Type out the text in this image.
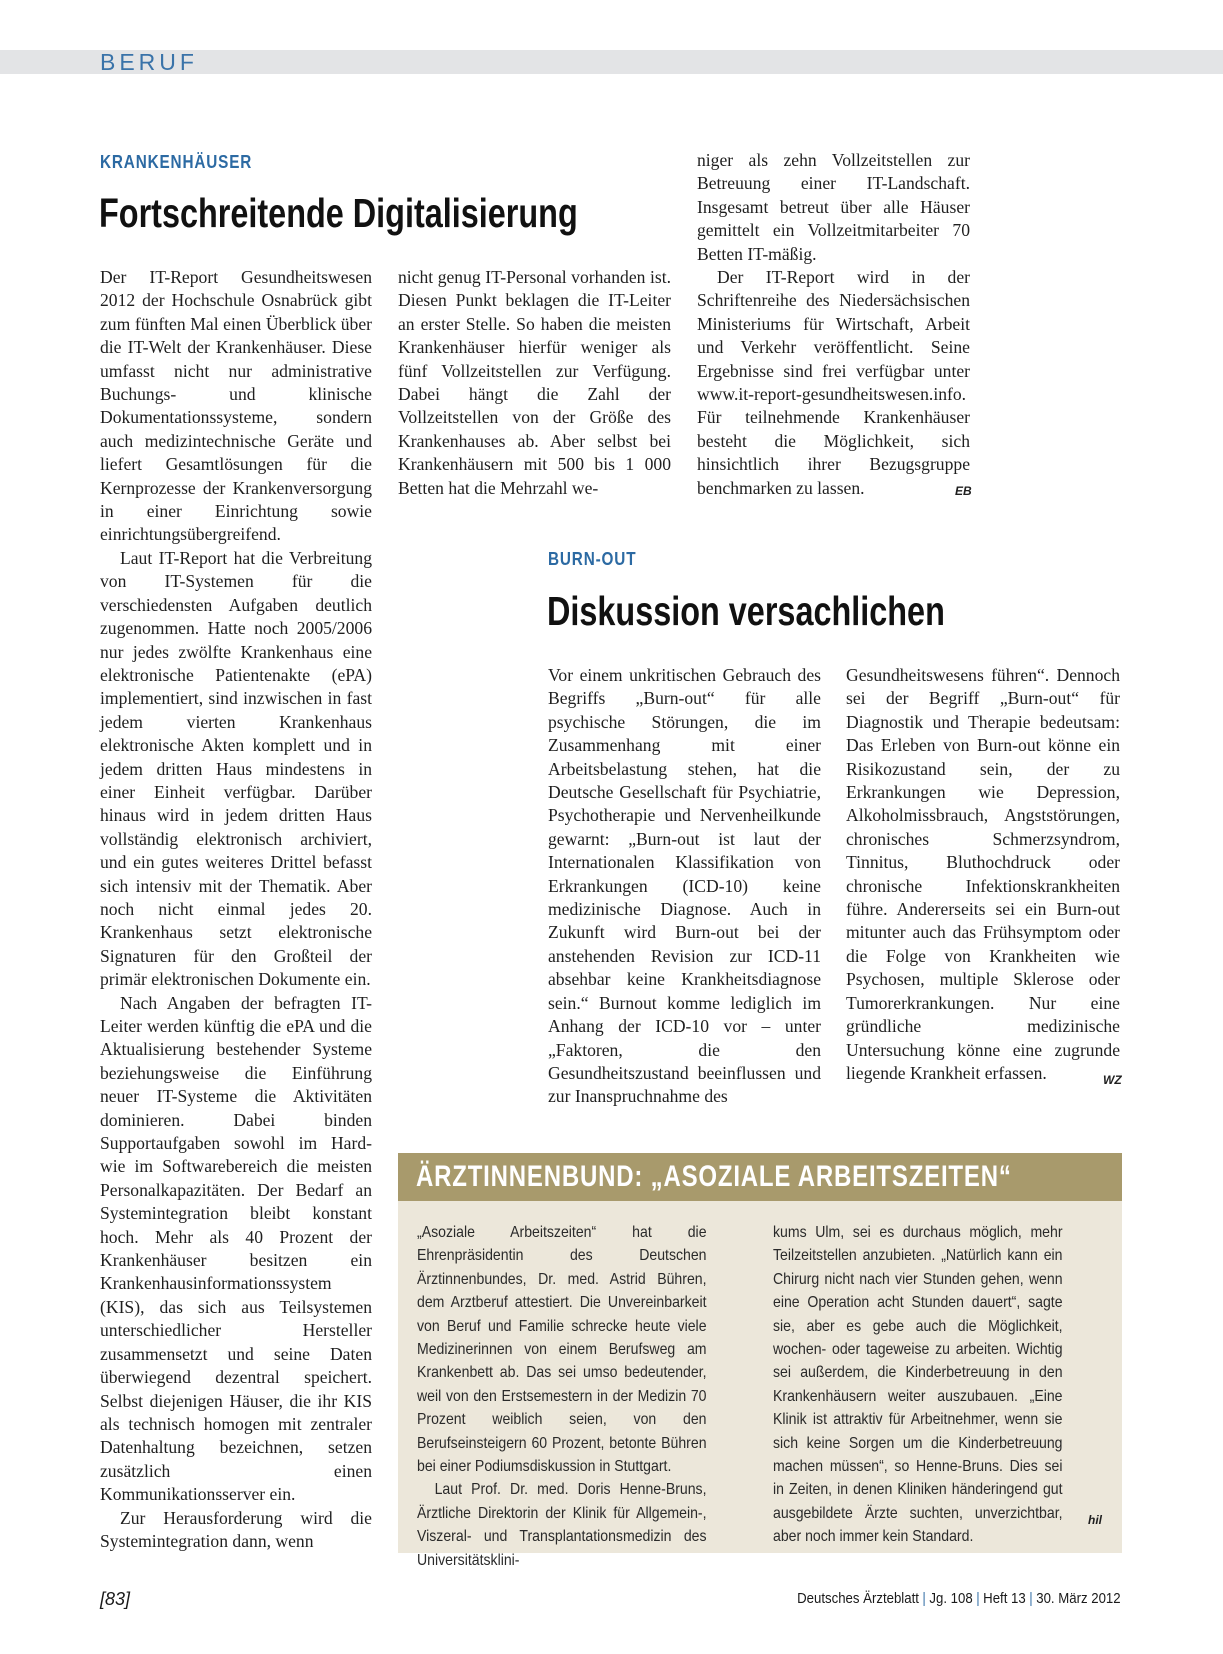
BERUF
KRANKENHÄUSER
Fortschreitende Digitalisierung

Der IT-Report Gesundheitswesen 2012 der Hochschule Osnabrück gibt zum fünften Mal einen Überblick über die IT-Welt der Krankenhäuser. Diese umfasst nicht nur administrative Buchungs- und klinische Dokumentationssysteme, sondern auch medizintechnische Geräte und liefert Gesamtlösungen für die Kernprozesse der Krankenversorgung in einer Einrichtung sowie einrichtungsübergreifend.

Laut IT-Report hat die Verbreitung von IT-Systemen für die verschiedensten Aufgaben deutlich zugenommen. Hatte noch 2005/2006 nur jedes zwölfte Krankenhaus eine elektronische Patientenakte (ePA) implementiert, sind inzwischen in fast jedem vierten Krankenhaus elektronische Akten komplett und in jedem dritten Haus mindestens in einer Einheit verfügbar. Darüber hinaus wird in jedem dritten Haus vollständig elektronisch archiviert, und ein gutes weiteres Drittel befasst sich intensiv mit der Thematik. Aber noch nicht einmal jedes 20. Krankenhaus setzt elektronische Signaturen für den Großteil der primär elektronischen Dokumente ein.

Nach Angaben der befragten IT-Leiter werden künftig die ePA und die Aktualisierung bestehender Systeme beziehungsweise die Einführung neuer IT-Systeme die Aktivitäten dominieren. Dabei binden Supportaufgaben sowohl im Hard- wie im Softwarebereich die meisten Personalkapazitäten. Der Bedarf an Systemintegration bleibt konstant hoch. Mehr als 40 Prozent der Krankenhäuser besitzen ein Krankenhausinformationssystem (KIS), das sich aus Teilsystemen unterschiedlicher Hersteller zusammensetzt und seine Daten überwiegend dezentral speichert. Selbst diejenigen Häuser, die ihr KIS als technisch homogen mit zentraler Datenhaltung bezeichnen, setzen zusätzlich einen Kommunikationsserver ein.

Zur Herausforderung wird die Systemintegration dann, wenn

nicht genug IT-Personal vorhanden ist. Diesen Punkt beklagen die IT-Leiter an erster Stelle. So haben die meisten Krankenhäuser hierfür weniger als fünf Vollzeitstellen zur Verfügung. Dabei hängt die Zahl der Vollzeitstellen von der Größe des Krankenhauses ab. Aber selbst bei Krankenhäusern mit 500 bis 1 000 Betten hat die Mehrzahl we-

niger als zehn Vollzeitstellen zur Betreuung einer IT-Landschaft. Insgesamt betreut über alle Häuser gemittelt ein Vollzeitmitarbeiter 70 Betten IT-mäßig.

Der IT-Report wird in der Schriftenreihe des Niedersächsischen Ministeriums für Wirtschaft, Arbeit und Verkehr veröffentlicht. Seine Ergebnisse sind frei verfügbar unter www.it-report-gesundheitswesen.info. Für teilnehmende Krankenhäuser besteht die Möglichkeit, sich hinsichtlich ihrer Bezugsgruppe benchmarken zu lassen.	EB
BURN-OUT
Diskussion versachlichen

Vor einem unkritischen Gebrauch des Begriffs „Burn-out“ für alle psychische Störungen, die im Zusammenhang mit einer Arbeitsbelastung stehen, hat die Deutsche Gesellschaft für Psychiatrie, Psychotherapie und Nervenheilkunde gewarnt: „Burn-out ist laut der Internationalen Klassifikation von Erkrankungen (ICD-10) keine medizinische Diagnose. Auch in Zukunft wird Burn-out bei der anstehenden Revision zur ICD-11 absehbar keine Krankheitsdiagnose sein.“ Burnout komme lediglich im Anhang der ICD-10 vor – unter „Faktoren, die den Gesundheitszustand beeinflussen und zur Inanspruchnahme des

Gesundheitswesens führen“. Dennoch sei der Begriff „Burn-out“ für Diagnostik und Therapie bedeutsam: Das Erleben von Burn-out könne ein Risikozustand sein, der zu Erkrankungen wie Depression, Alkoholmissbrauch, Angststörungen, chronisches Schmerzsyndrom, Tinnitus, Bluthochdruck oder chronische Infektionskrankheiten führe. Andererseits sei ein Burn-out mitunter auch das Frühsymptom oder die Folge von Krankheiten wie Psychosen, multiple Sklerose oder Tumorerkrankungen. Nur eine gründliche medizinische Untersuchung könne eine zugrunde liegende Krankheit erfassen.	WZ
ÄRZTINNENBUND: „ASOZIALE ARBEITSZEITEN“

„Asoziale Arbeitszeiten“ hat die Ehrenpräsidentin des Deutschen Ärztinnenbundes, Dr. med. Astrid Bühren, dem Arztberuf attestiert. Die Unvereinbarkeit von Beruf und Familie schrecke heute viele Medizinerinnen von einem Berufsweg am Krankenbett ab. Das sei umso bedeutender, weil von den Erstsemestern in der Medizin 70 Prozent weiblich seien, von den Berufseinsteigern 60 Prozent, betonte Bühren bei einer Podiumsdiskussion in Stuttgart.

Laut Prof. Dr. med. Doris Henne-Bruns, Ärztliche Direktorin der Klinik für Allgemein-, Viszeral- und Transplantationsmedizin des Universitätsklini-

kums Ulm, sei es durchaus möglich, mehr Teilzeitstellen anzubieten. „Natürlich kann ein Chirurg nicht nach vier Stunden gehen, wenn eine Operation acht Stunden dauert“, sagte sie, aber es gebe auch die Möglichkeit, wochen- oder tageweise zu arbeiten. Wichtig sei außerdem, die Kinderbetreuung in den Krankenhäusern weiter auszubauen. „Eine Klinik ist attraktiv für Arbeitnehmer, wenn sie sich keine Sorgen um die Kinderbetreuung machen müssen“, so Henne-Bruns. Dies sei in Zeiten, in denen Kliniken händeringend gut ausgebildete Ärzte suchten, unverzichtbar, aber noch immer kein Standard.

hil
[83]	Deutsches Ärzteblatt | Jg. 108 | Heft 13 | 30. März 2012
